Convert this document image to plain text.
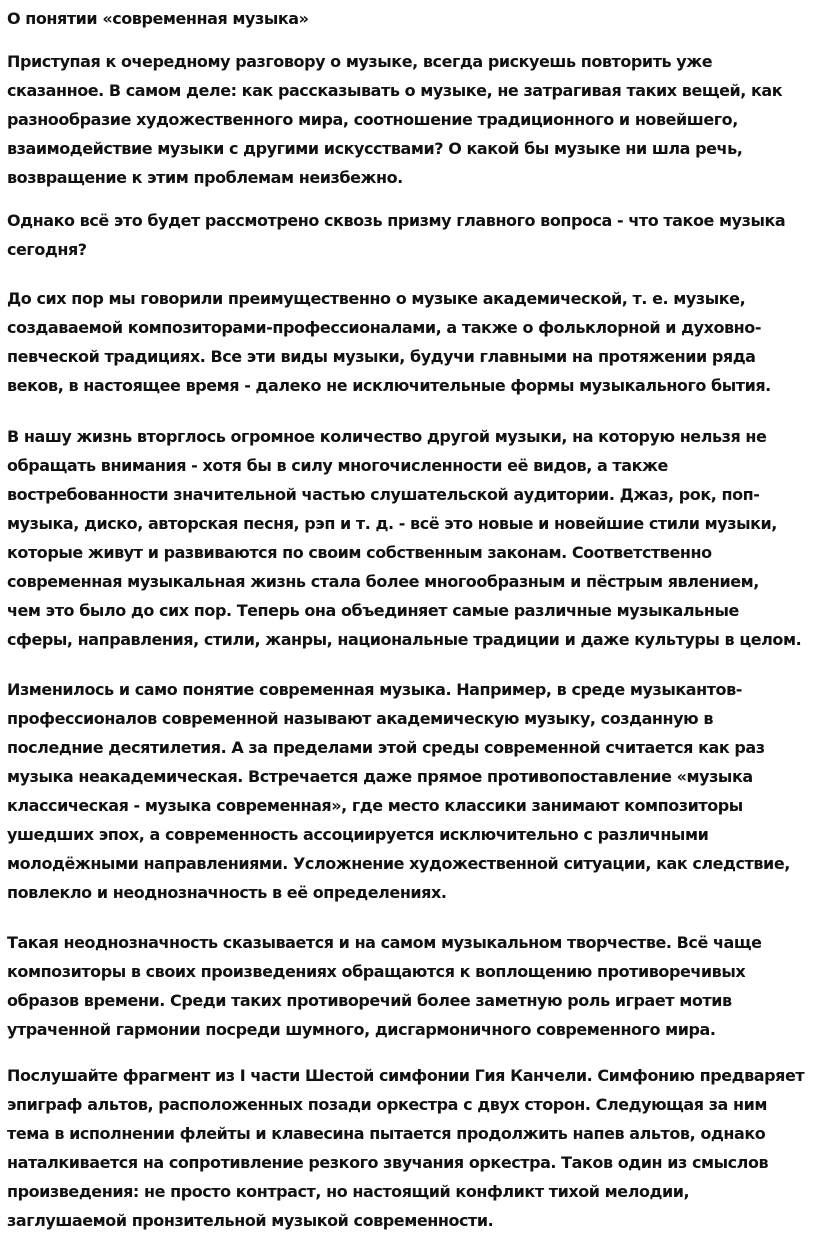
О понятии «современная музыка»
Приступая к очередному разговору о музыке, всегда рискуешь повторить уже
сказанное. В самом деле: как рассказывать о музыке, не затрагивая таких вещей, как
разнообразие художественного мира, соотношение традиционного и новейшего,
взаимодействие музыки с другими искусствами? О какой бы музыке ни шла речь,
возвращение к этим проблемам неизбежно.
Однако всё это будет рассмотрено сквозь призму главного вопроса - что такое музыка
сегодня?
До сих пор мы говорили преимущественно о музыке академической, т. е. музыке,
создаваемой композиторами-профессионалами, а также о фольклорной и духовно-
певческой традициях. Все эти виды музыки, будучи главными на протяжении ряда
веков, в настоящее время - далеко не исключительные формы музыкального бытия.
В нашу жизнь вторглось огромное количество другой музыки, на которую нельзя не
обращать внимания - хотя бы в силу многочисленности её видов, а также
востребованности значительной частью слушательской аудитории. Джаз, рок, поп-
музыка, диско, авторская песня, рэп и т. д. - всё это новые и новейшие стили музыки,
которые живут и развиваются по своим собственным законам. Соответственно
современная музыкальная жизнь стала более многообразным и пёстрым явлением,
чем это было до сих пор. Теперь она объединяет самые различные музыкальные
сферы, направления, стили, жанры, национальные традиции и даже культуры в целом.
Изменилось и само понятие современная музыка. Например, в среде музыкантов-
профессионалов современной называют академическую музыку, созданную в
последние десятилетия. А за пределами этой среды современной считается как раз
музыка неакадемическая. Встречается даже прямое противопоставление «музыка
классическая - музыка современная», где место классики занимают композиторы
ушедших эпох, а современность ассоциируется исключительно с различными
молодёжными направлениями. Усложнение художественной ситуации, как следствие,
повлекло и неоднозначность в её определениях.
Такая неоднозначность сказывается и на самом музыкальном творчестве. Всё чаще
композиторы в своих произведениях обращаются к воплощению противоречивых
образов времени. Среди таких противоречий более заметную роль играет мотив
утраченной гармонии посреди шумного, дисгармоничного современного мира.
Послушайте фрагмент из I части Шестой симфонии Гия Канчели. Симфонию предваряет
эпиграф альтов, расположенных позади оркестра с двух сторон. Следующая за ним
тема в исполнении флейты и клавесина пытается продолжить напев альтов, однако
наталкивается на сопротивление резкого звучания оркестра. Таков один из смыслов
произведения: не просто контраст, но настоящий конфликт тихой мелодии,
заглушаемой пронзительной музыкой современности.
